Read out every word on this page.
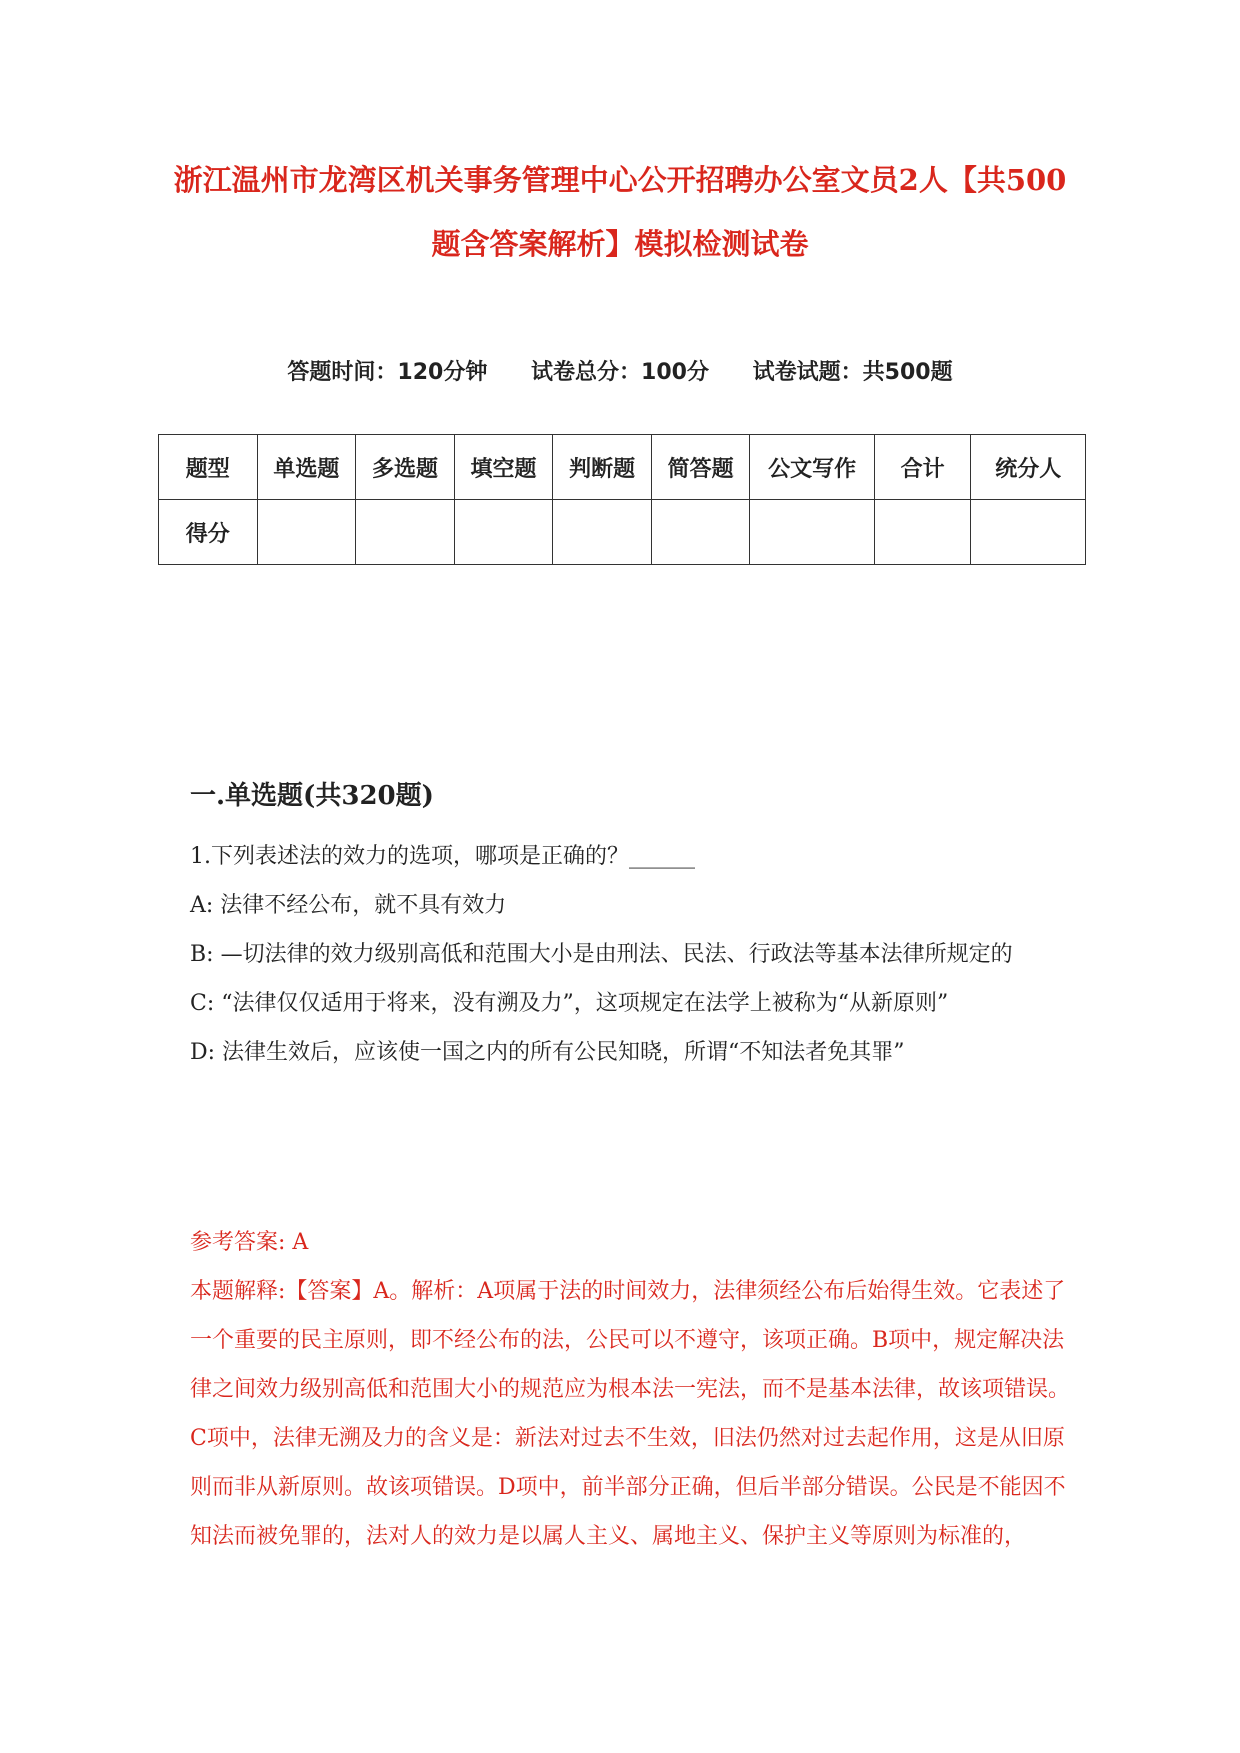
浙江温州市龙湾区机关事务管理中心公开招聘办公室文员2人【共500题含答案解析】模拟检测试卷
答题时间：120分钟 试卷总分：100分 试卷试题：共500题
题型	单选题	多选题	填空题	判断题	简答题	公文写作	合计	统分人
得分								
一.单选题(共320题)

1.下列表述法的效力的选项，哪项是正确的？______

A: 法律不经公布，就不具有效力

B: —切法律的效力级别高低和范围大小是由刑法、民法、行政法等基本法律所规定的

C: “法律仅仅适用于将来，没有溯及力”，这项规定在法学上被称为“从新原则”

D: 法律生效后，应该使一国之内的所有公民知晓，所谓“不知法者免其罪”

参考答案: A

本题解释:【答案】A。解析：A项属于法的时间效力，法律须经公布后始得生效。它表述了一个重要的民主原则，即不经公布的法，公民可以不遵守，该项正确。B项中，规定解决法律之间效力级别高低和范围大小的规范应为根本法一宪法，而不是基本法律，故该项错误。C项中，法律无溯及力的含义是：新法对过去不生效，旧法仍然对过去起作用，这是从旧原则而非从新原则。故该项错误。D项中，前半部分正确，但后半部分错误。公民是不能因不知法而被免罪的，法对人的效力是以属人主义、属地主义、保护主义等原则为标准的，
